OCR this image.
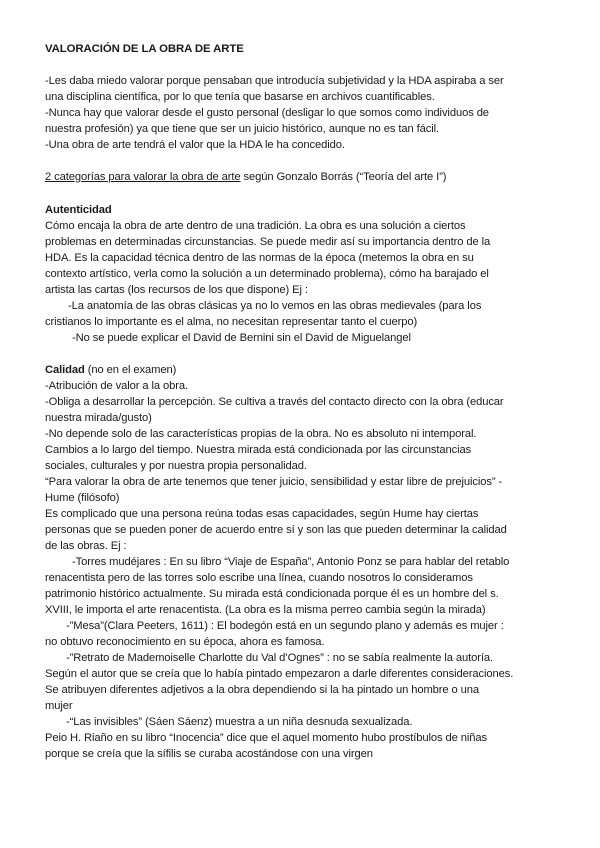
VALORACIÓN DE LA OBRA DE ARTE
-Les daba miedo valorar porque pensaban que introducía subjetividad y la HDA aspiraba a ser
una disciplina científica, por lo que tenía que basarse en archivos cuantificables.
-Nunca hay que valorar desde el gusto personal (desligar lo que somos como individuos de
nuestra profesión) ya que tiene que ser un juicio histórico, aunque no es tan fácil.
-Una obra de arte tendrá el valor que la HDA le ha concedido.
2 categorías para valorar la obra de arte según Gonzalo Borrás (“Teoría del arte I”)
Autenticidad
Cómo encaja la obra de arte dentro de una tradición. La obra es una solución a ciertos
problemas en determinadas circunstancias. Se puede medir así su importancia dentro de la
HDA. Es la capacidad técnica dentro de las normas de la época (metemos la obra en su
contexto artístico, verla como la solución a un determinado problema), cómo ha barajado el
artista las cartas (los recursos de los que dispone) Ej :
-La anatomía de las obras clásicas ya no lo vemos en las obras medievales (para los
cristianos lo importante es el alma, no necesitan representar tanto el cuerpo)
-No se puede explicar el David de Bernini sin el David de Miguelangel
Calidad (no en el examen)
-Atribución de valor a la obra.
-Obliga a desarrollar la percepción. Se cultiva a través del contacto directo con la obra (educar
nuestra mirada/gusto)
-No depende solo de las características propias de la obra. No es absoluto ni intemporal.
Cambios a lo largo del tiempo. Nuestra mirada está condicionada por las circunstancias
sociales, culturales y por nuestra propia personalidad.
“Para valorar la obra de arte tenemos que tener juicio, sensibilidad y estar libre de prejuicios” -
Hume (filósofo)
Es complicado que una persona reúna todas esas capacidades, según Hume hay ciertas
personas que se pueden poner de acuerdo entre sí y son las que pueden determinar la calidad
de las obras. Ej :
-Torres mudéjares : En su libro “Viaje de España”, Antonio Ponz se para hablar del retablo
renacentista pero de las torres solo escribe una línea, cuando nosotros lo consideramos
patrimonio histórico actualmente. Su mirada está condicionada porque él es un hombre del s.
XVIII, le importa el arte renacentista. (La obra es la misma perreo cambia según la mirada)
-”Mesa”(Clara Peeters, 1611) : El bodegón está en un segundo plano y además es mujer :
no obtuvo reconocimiento en su época, ahora es famosa.
-”Retrato de Mademoiselle Charlotte du Val d’Ognes” : no se sabía realmente la autoría.
Según el autor que se creía que lo había pintado empezaron a darle diferentes consideraciones.
Se atribuyen diferentes adjetivos a la obra dependiendo si la ha pintado un hombre o una
mujer
-“Las invisibles” (Sáen Sáenz) muestra a un niña desnuda sexualizada.
Peio H. Riaño en su libro “Inocencia” dice que el aquel momento hubo prostíbulos de niñas
porque se creía que la sífilis se curaba acostándose con una virgen
